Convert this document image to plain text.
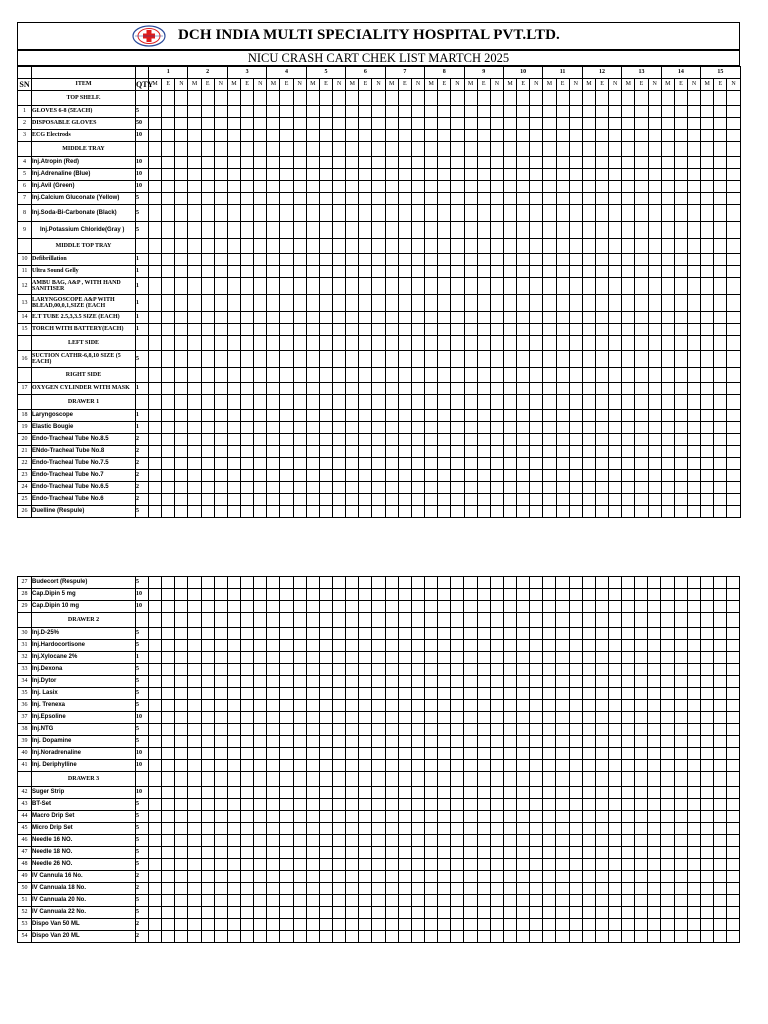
DCH INDIA MULTI SPECIALITY HOSPITAL PVT.LTD.
NICU CRASH CART CHEK LIST MARTCH 2025
			1			2			3			4			5			6			7			8			9			10			11			12			13			14			15		
SN	ITEM	QTY	M	E	N	M	E	N	M	E	N	M	E	N	M	E	N	M	E	N	M	E	N	M	E	N	M	E	N	M	E	N	M	E	N	M	E	N	M	E	N	M	E	N	M	E	N
	TOP SHELF.																																														
1	GLOVES 6-8 (5EACH)	5																																													
2	DISPOSABLE GLOVES	50																																													
3	ECG Electrods	10																																													
	MIDDLE TRAY																																														
4	Inj.Atropin (Red)	10																																													
5	Inj.Adrenaline (Blue)	10																																													
6	Inj.Avil (Green)	10																																													
7	Inj.Calcium Gluconate (Yellow)	5																																													
8	Inj.Soda-Bi-Carbonate (Black)	5																																													
9	Inj.Potassium Chloride(Gray )	5																																													
	MIDDLE TOP TRAY																																														
10	Defibrillation	1																																													
11	Ultra Sound Gelly	1																																													
12	AMBU BAG, A&P , WITH HAND SANITISER	1																																													
13	LARYNGOSCOPE A&P WITH BLEAD,00,0,1,SIZE (EACH	1																																													
14	E.T TUBE 2.5,3,3.5 SIZE (EACH)	1																																													
15	TORCH WITH BATTERY(EACH)	1																																													
	LEFT SIDE																																														
16	SUCTION CATHR-6,8,10 SIZE (5 EACH)	5																																													
	RIGHT SIDE																																														
17	OXYGEN CYLINDER WITH MASK	1																																													
	DRAWER 1																																														
18	Laryngoscope	1																																													
19	Elastic Bougie	1																																													
20	Endo-Tracheal Tube No.8.5	2																																													
21	ENdo-Tracheal Tube No.8	2																																													
22	Endo-Tracheal Tube No.7.5	2																																													
23	Endo-Tracheal Tube No.7	2																																													
24	Endo-Tracheal Tube No.6.5	2																																													
25	Endo-Tracheal Tube No.6	2																																													
26	Duelline (Respule)	5																																													
27	Budecort (Respule)	5																																													
28	Cap.Dipin 5 mg	10																																													
29	Cap.Dipin 10 mg	10																																													
	DRAWER 2																																														
30	Inj.D-25%	5																																													
31	Inj.Hardocortisone	5																																													
32	Inj.Xylocane 2%	1																																													
33	Inj.Dexona	5																																													
34	Inj.Dytor	5																																													
35	Inj. Lasix	5																																													
36	Inj. Trenexa	5																																													
37	Inj.Epsoline	10																																													
38	Inj.NTG	5																																													
39	Inj. Dopamine	5																																													
40	Inj.Noradrenaline	10																																													
41	Inj. Deriphylline	10																																													
	DRAWER 3																																														
42	Suger Strip	10																																													
43	BT-Set	5																																													
44	Macro Drip Set	5																																													
45	Micro Drip Set	5																																													
46	Needle 16 NO.	5																																													
47	Needle 18 NO.	5																																													
48	Needle 26 NO.	5																																													
49	IV Cannula 16 No.	2																																													
50	IV Cannuala 18 No.	2																																													
51	IV Cannuala 20 No.	5																																													
52	IV Cannuala 22 No.	5																																													
53	Dispo Van 50 ML	2																																													
54	Dispo Van 20 ML	2																																													
